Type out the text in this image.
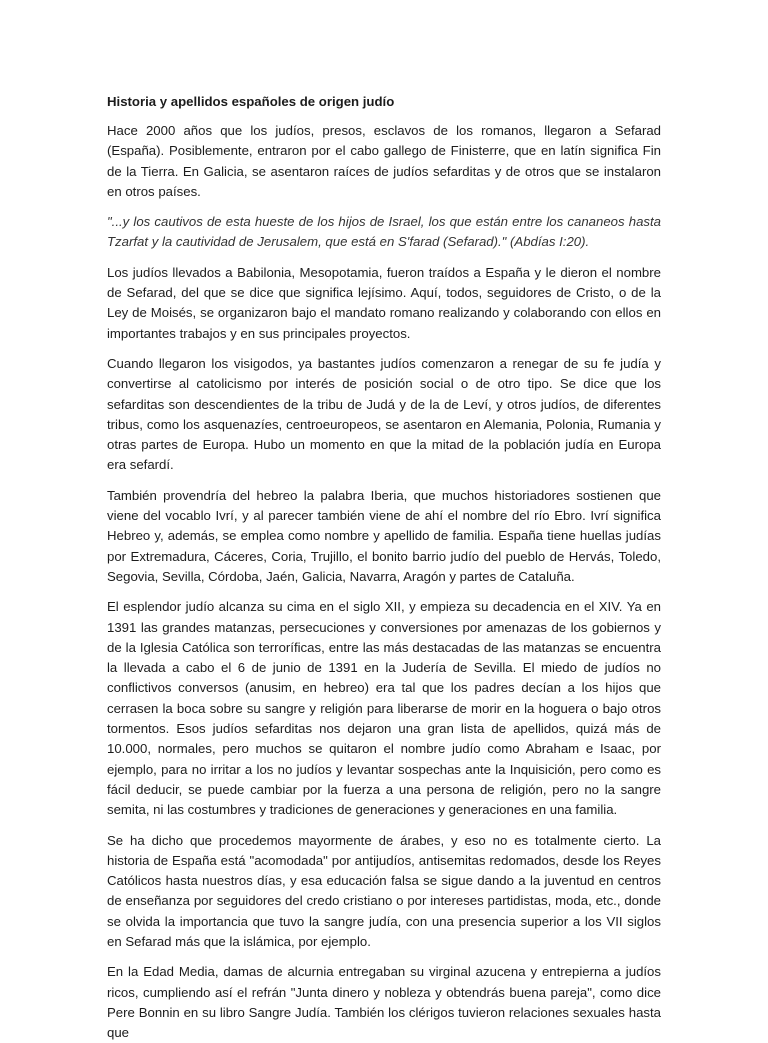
Historia y apellidos españoles de origen judío

Hace 2000 años que los judíos, presos, esclavos de los romanos, llegaron a Sefarad (España). Posiblemente, entraron por el cabo gallego de Finisterre, que en latín significa Fin de la Tierra. En Galicia, se asentaron raíces de judíos sefarditas y de otros que se instalaron en otros países.

"...y los cautivos de esta hueste de los hijos de Israel, los que están entre los cananeos hasta Tzarfat y la cautividad de Jerusalem, que está en S'farad (Sefarad)." (Abdías I:20).

Los judíos llevados a Babilonia, Mesopotamia, fueron traídos a España y le dieron el nombre de Sefarad, del que se dice que significa lejísimo. Aquí, todos, seguidores de Cristo, o de la Ley de Moisés, se organizaron bajo el mandato romano realizando y colaborando con ellos en importantes trabajos y en sus principales proyectos.

Cuando llegaron los visigodos, ya bastantes judíos comenzaron a renegar de su fe judía y convertirse al catolicismo por interés de posición social o de otro tipo. Se dice que los sefarditas son descendientes de la tribu de Judá y de la de Leví, y otros judíos, de diferentes tribus, como los asquenazíes, centroeuropeos, se asentaron en Alemania, Polonia, Rumania y otras partes de Europa. Hubo un momento en que la mitad de la población judía en Europa era sefardí.

También provendría del hebreo la palabra Iberia, que muchos historiadores sostienen que viene del vocablo Ivrí, y al parecer también viene de ahí el nombre del río Ebro. Ivrí significa Hebreo y, además, se emplea como nombre y apellido de familia. España tiene huellas judías por Extremadura, Cáceres, Coria, Trujillo, el bonito barrio judío del pueblo de Hervás, Toledo, Segovia, Sevilla, Córdoba, Jaén, Galicia, Navarra, Aragón y partes de Cataluña.

El esplendor judío alcanza su cima en el siglo XII, y empieza su decadencia en el XIV. Ya en 1391 las grandes matanzas, persecuciones y conversiones por amenazas de los gobiernos y de la Iglesia Católica son terroríficas, entre las más destacadas de las matanzas se encuentra la llevada a cabo el 6 de junio de 1391 en la Judería de Sevilla. El miedo de judíos no conflictivos conversos (anusim, en hebreo) era tal que los padres decían a los hijos que cerrasen la boca sobre su sangre y religión para liberarse de morir en la hoguera o bajo otros tormentos. Esos judíos sefarditas nos dejaron una gran lista de apellidos, quizá más de 10.000, normales, pero muchos se quitaron el nombre judío como Abraham e Isaac, por ejemplo, para no irritar a los no judíos y levantar sospechas ante la Inquisición, pero como es fácil deducir, se puede cambiar por la fuerza a una persona de religión, pero no la sangre semita, ni las costumbres y tradiciones de generaciones y generaciones en una familia.

Se ha dicho que procedemos mayormente de árabes, y eso no es totalmente cierto. La historia de España está "acomodada" por antijudíos, antisemitas redomados, desde los Reyes Católicos hasta nuestros días, y esa educación falsa se sigue dando a la juventud en centros de enseñanza por seguidores del credo cristiano o por intereses partidistas, moda, etc., donde se olvida la importancia que tuvo la sangre judía, con una presencia superior a los VII siglos en Sefarad más que la islámica, por ejemplo.

En la Edad Media, damas de alcurnia entregaban su virginal azucena y entrepierna a judíos ricos, cumpliendo así el refrán "Junta dinero y nobleza y obtendrás buena pareja", como dice Pere Bonnin en su libro Sangre Judía. También los clérigos tuvieron relaciones sexuales hasta que
